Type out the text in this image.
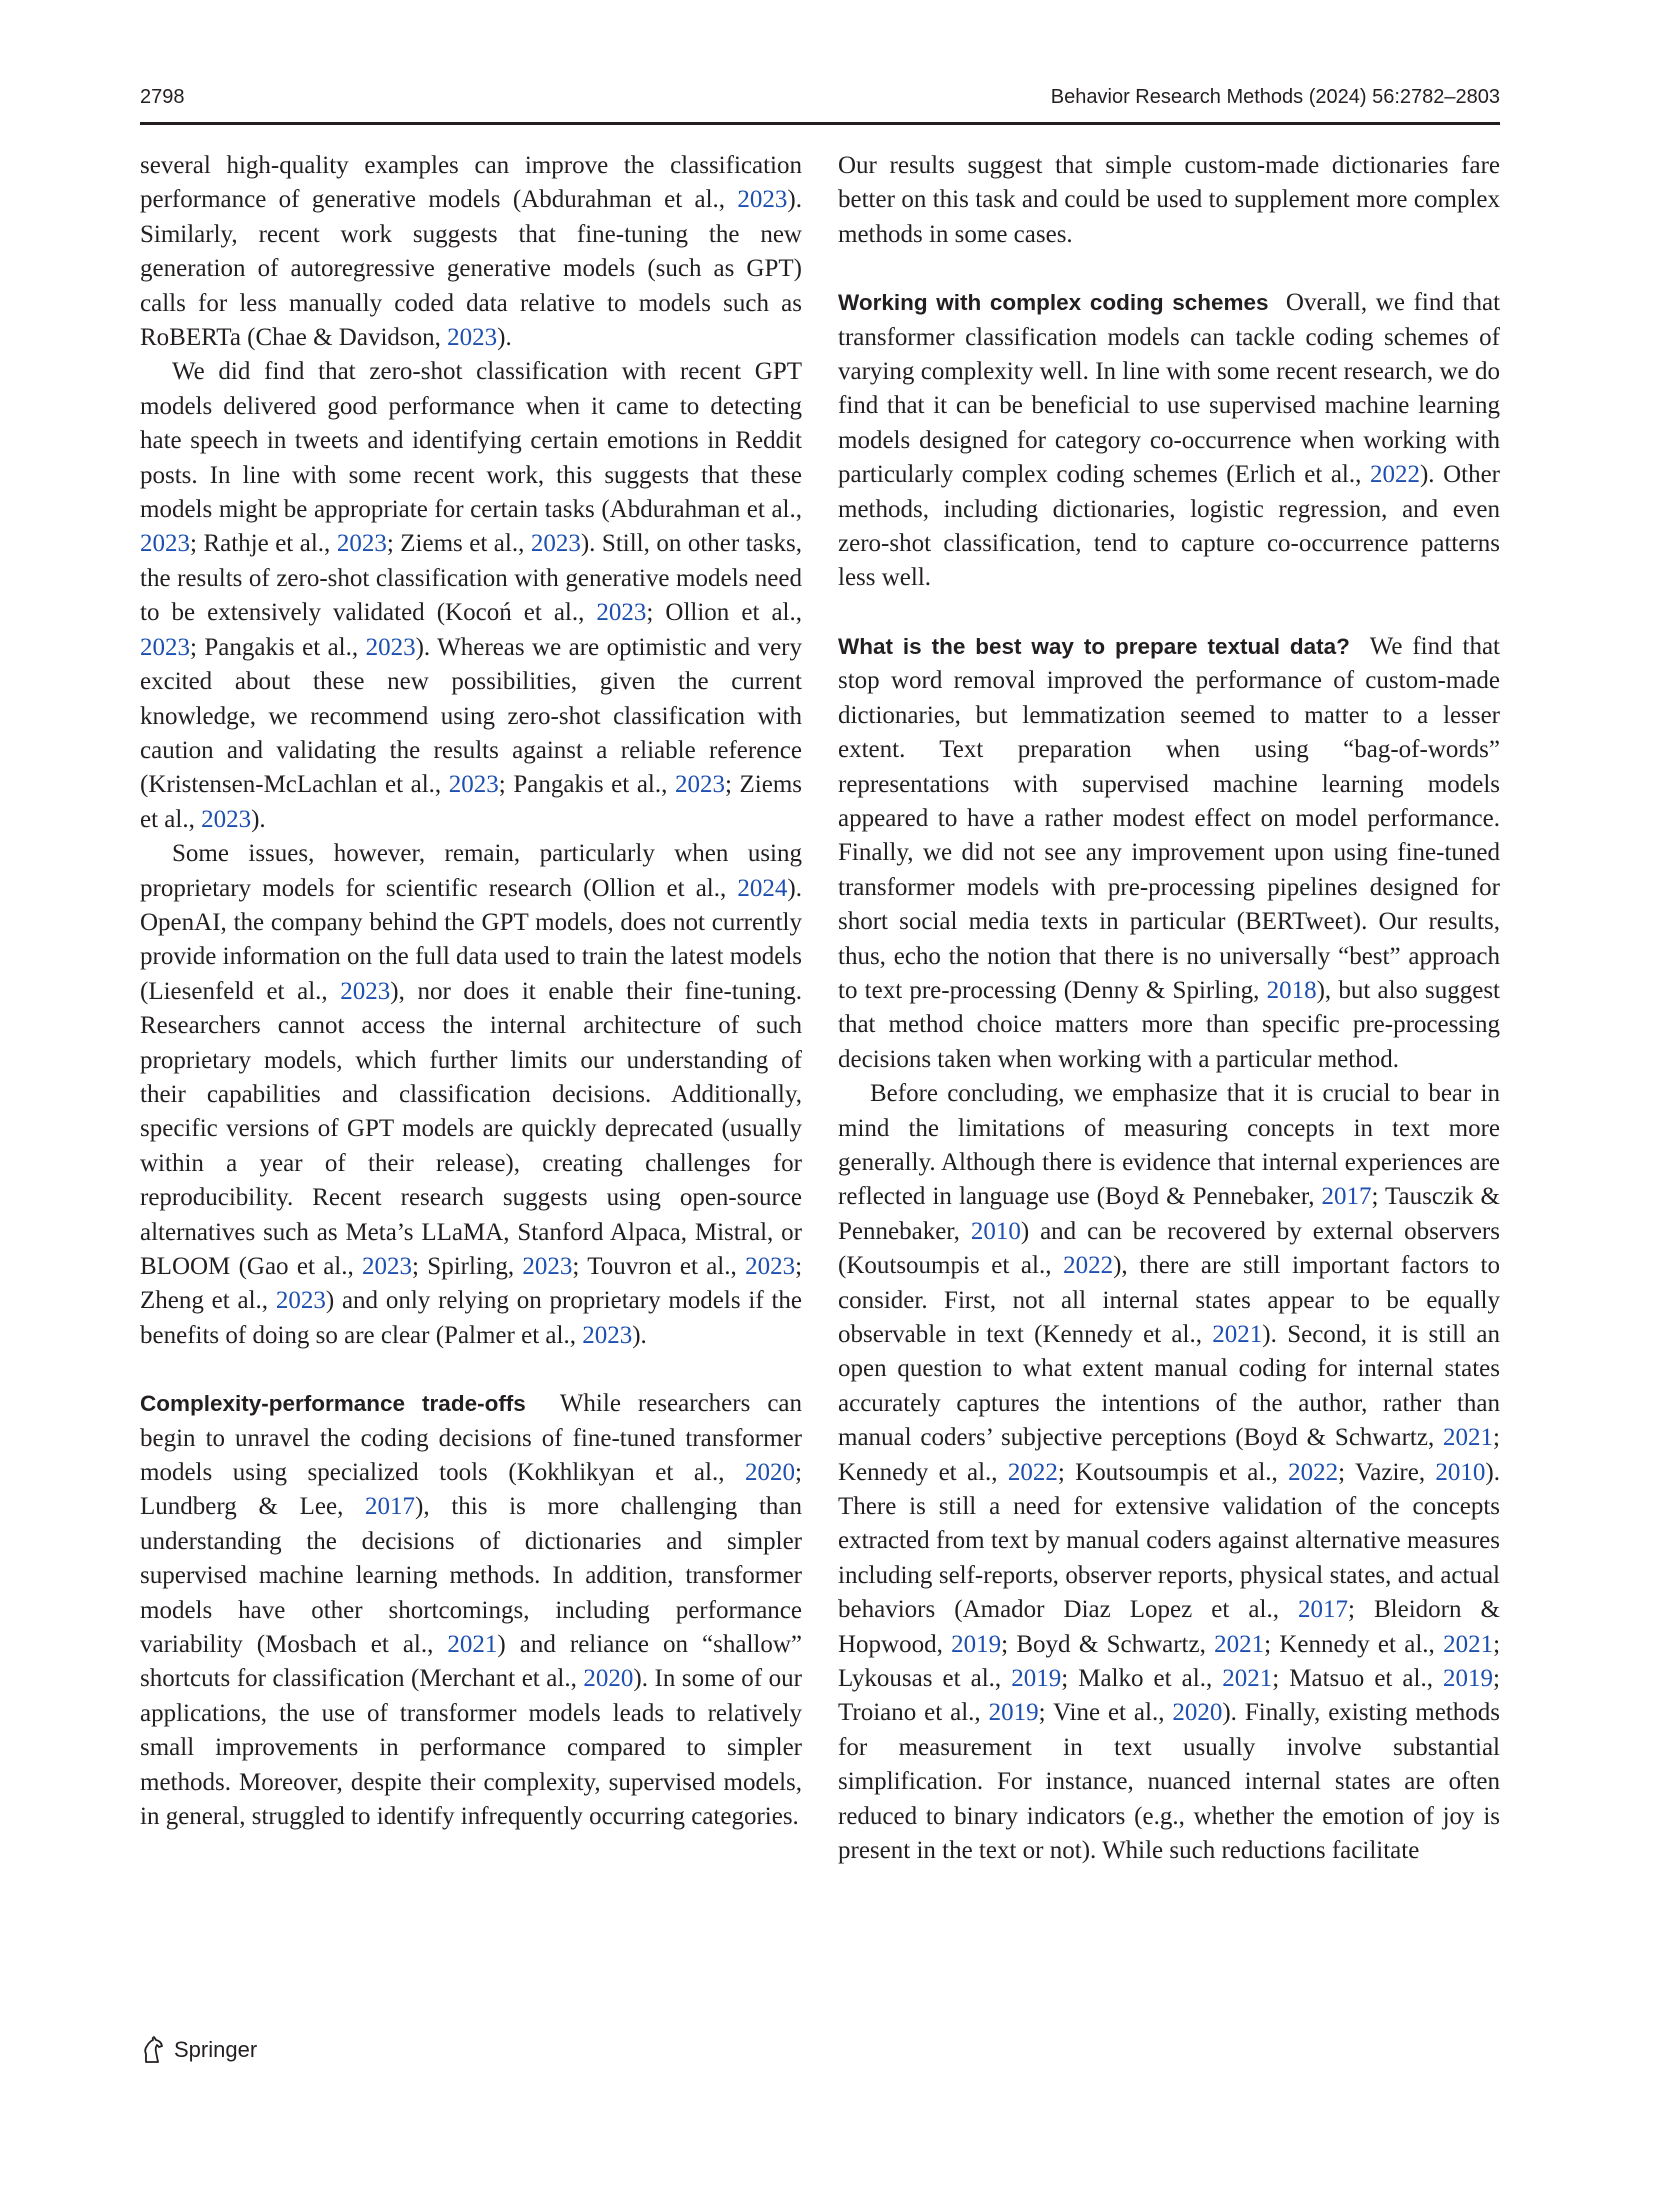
2798	Behavior Research Methods (2024) 56:2782–2803

several high-quality examples can improve the classification performance of generative models (Abdurahman et al., 2023). Similarly, recent work suggests that fine-tuning the new generation of autoregressive generative models (such as GPT) calls for less manually coded data relative to models such as RoBERTa (Chae & Davidson, 2023).

We did find that zero-shot classification with recent GPT models delivered good performance when it came to detecting hate speech in tweets and identifying certain emotions in Reddit posts. In line with some recent work, this suggests that these models might be appropriate for certain tasks (Abdurahman et al., 2023; Rathje et al., 2023; Ziems et al., 2023). Still, on other tasks, the results of zero-shot classification with generative models need to be extensively validated (Kocoń et al., 2023; Ollion et al., 2023; Pangakis et al., 2023). Whereas we are optimistic and very excited about these new possibilities, given the current knowledge, we recommend using zero-shot classification with caution and validating the results against a reliable reference (Kristensen-McLachlan et al., 2023; Pangakis et al., 2023; Ziems et al., 2023).

Some issues, however, remain, particularly when using proprietary models for scientific research (Ollion et al., 2024). OpenAI, the company behind the GPT models, does not currently provide information on the full data used to train the latest models (Liesenfeld et al., 2023), nor does it enable their fine-tuning. Researchers cannot access the internal architecture of such proprietary models, which further limits our understanding of their capabilities and classification decisions. Additionally, specific versions of GPT models are quickly deprecated (usually within a year of their release), creating challenges for reproducibility. Recent research suggests using open-source alternatives such as Meta’s LLaMA, Stanford Alpaca, Mistral, or BLOOM (Gao et al., 2023; Spirling, 2023; Touvron et al., 2023; Zheng et al., 2023) and only relying on proprietary models if the benefits of doing so are clear (Palmer et al., 2023).

Complexity-performance trade-offs While researchers can begin to unravel the coding decisions of fine-tuned transformer models using specialized tools (Kokhlikyan et al., 2020; Lundberg & Lee, 2017), this is more challenging than understanding the decisions of dictionaries and simpler supervised machine learning methods. In addition, transformer models have other shortcomings, including performance variability (Mosbach et al., 2021) and reliance on “shallow” shortcuts for classification (Merchant et al., 2020). In some of our applications, the use of transformer models leads to relatively small improvements in performance compared to simpler methods. Moreover, despite their complexity, supervised models, in general, struggled to identify infrequently occurring categories.

Our results suggest that simple custom-made dictionaries fare better on this task and could be used to supplement more complex methods in some cases.

Working with complex coding schemes Overall, we find that transformer classification models can tackle coding schemes of varying complexity well. In line with some recent research, we do find that it can be beneficial to use supervised machine learning models designed for category co-occurrence when working with particularly complex coding schemes (Erlich et al., 2022). Other methods, including dictionaries, logistic regression, and even zero-shot classification, tend to capture co-occurrence patterns less well.

What is the best way to prepare textual data? We find that stop word removal improved the performance of custom-made dictionaries, but lemmatization seemed to matter to a lesser extent. Text preparation when using “bag-of-words” representations with supervised machine learning models appeared to have a rather modest effect on model performance. Finally, we did not see any improvement upon using fine-tuned transformer models with pre-processing pipelines designed for short social media texts in particular (BERTweet). Our results, thus, echo the notion that there is no universally “best” approach to text pre-processing (Denny & Spirling, 2018), but also suggest that method choice matters more than specific pre-processing decisions taken when working with a particular method.

Before concluding, we emphasize that it is crucial to bear in mind the limitations of measuring concepts in text more generally. Although there is evidence that internal experiences are reflected in language use (Boyd & Pennebaker, 2017; Tausczik & Pennebaker, 2010) and can be recovered by external observers (Koutsoumpis et al., 2022), there are still important factors to consider. First, not all internal states appear to be equally observable in text (Kennedy et al., 2021). Second, it is still an open question to what extent manual coding for internal states accurately captures the intentions of the author, rather than manual coders’ subjective perceptions (Boyd & Schwartz, 2021; Kennedy et al., 2022; Koutsoumpis et al., 2022; Vazire, 2010). There is still a need for extensive validation of the concepts extracted from text by manual coders against alternative measures including self-reports, observer reports, physical states, and actual behaviors (Amador Diaz Lopez et al., 2017; Bleidorn & Hopwood, 2019; Boyd & Schwartz, 2021; Kennedy et al., 2021; Lykousas et al., 2019; Malko et al., 2021; Matsuo et al., 2019; Troiano et al., 2019; Vine et al., 2020). Finally, existing methods for measurement in text usually involve substantial simplification. For instance, nuanced internal states are often reduced to binary indicators (e.g., whether the emotion of joy is present in the text or not). While such reductions facilitate

Springer
